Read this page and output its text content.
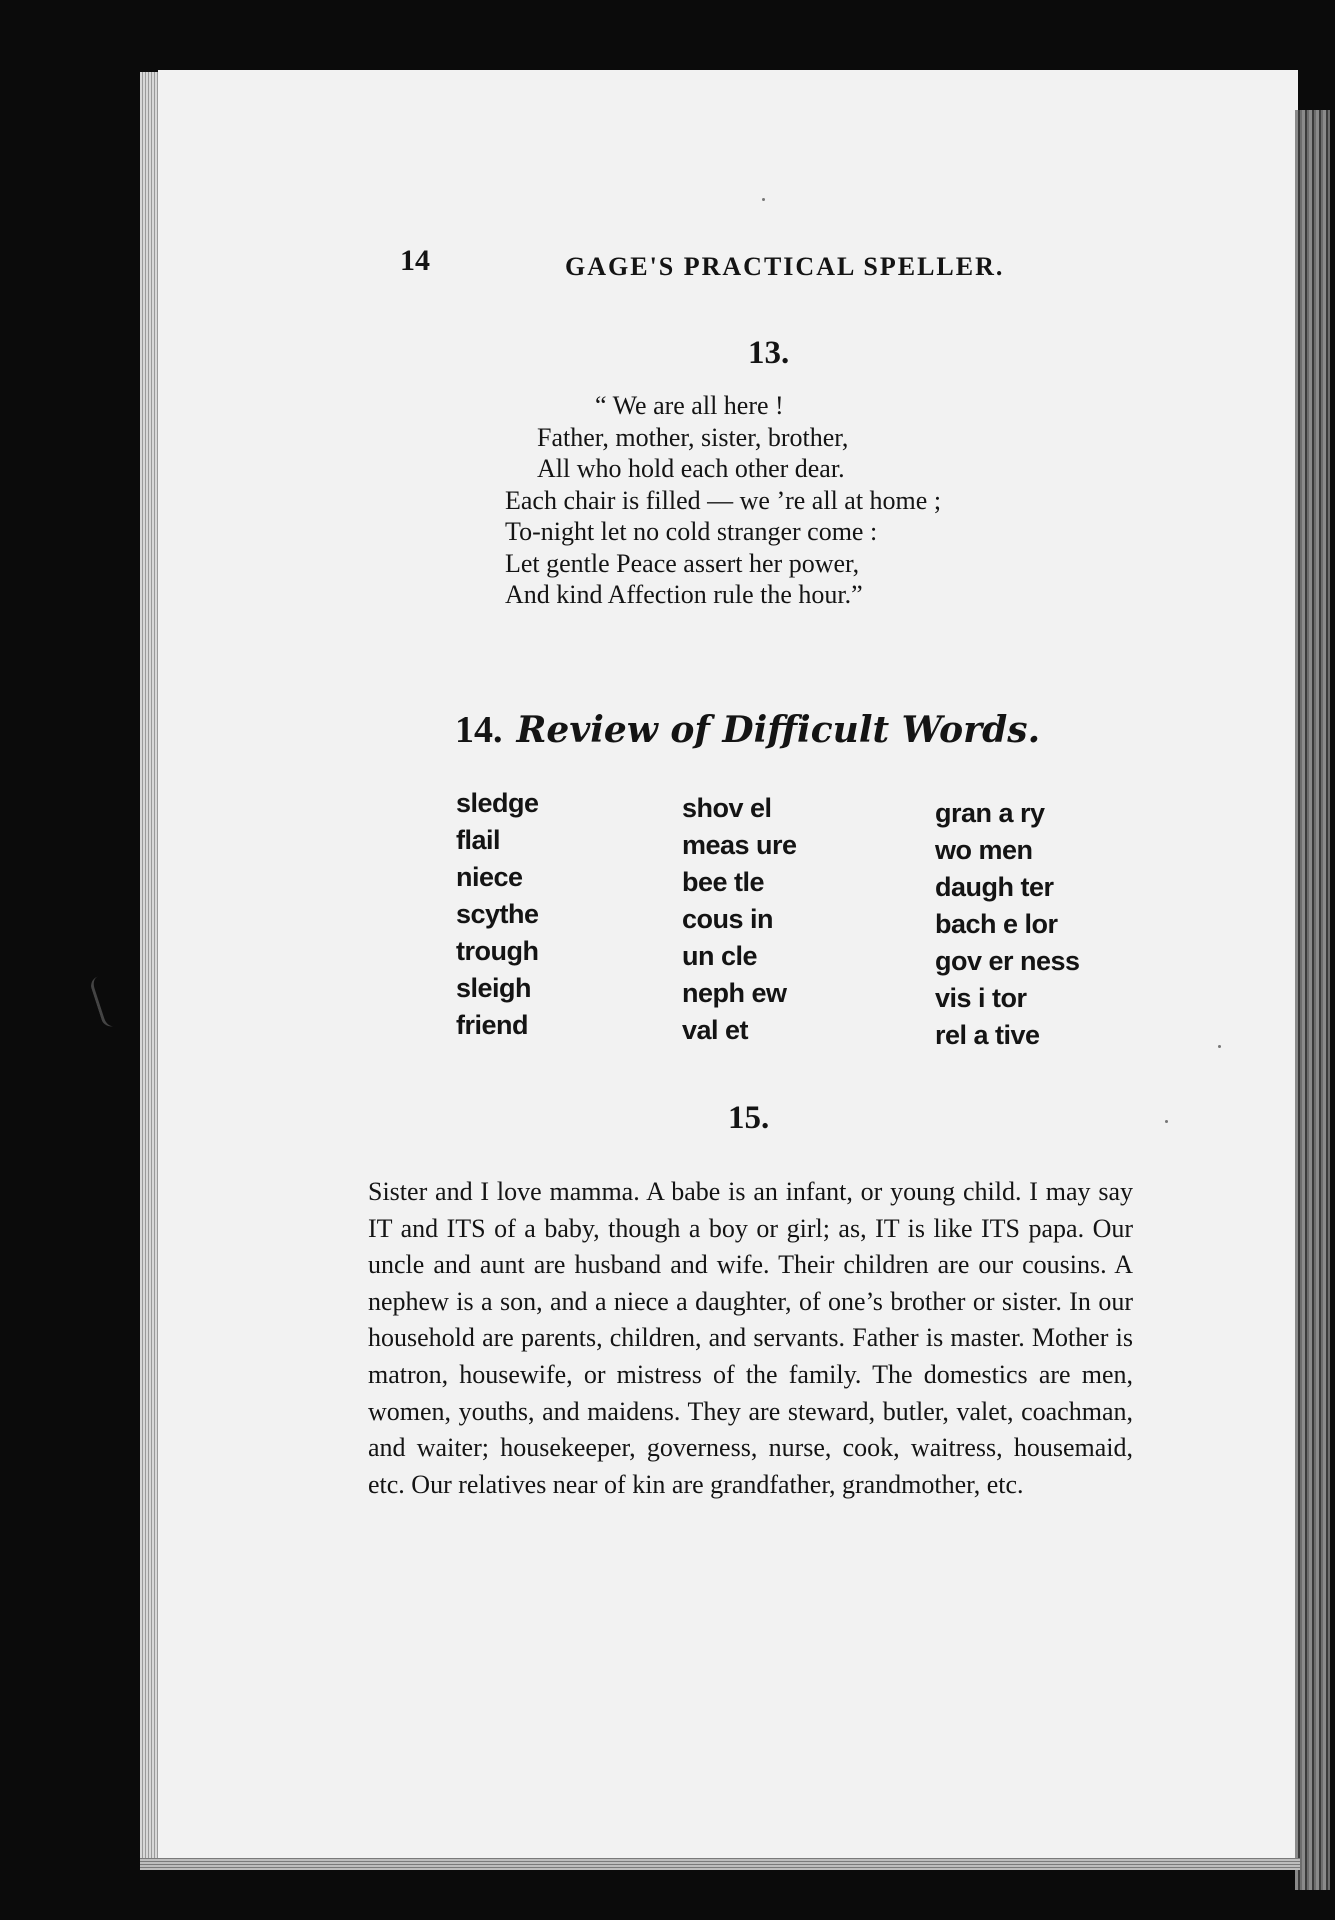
14	GAGE'S PRACTICAL SPELLER.

13.

“ We are all here !
Father, mother, sister, brother,
All who hold each other dear.
Each chair is filled — we ’re all at home ;
To-night let no cold stranger come :
Let gentle Peace assert her power,
And kind Affection rule the hour.”

14. Review of Difficult Words.

sledge
flail
niece
scythe
trough
sleigh
friend
shov el
meas ure
bee tle
cous in
un cle
neph ew
val et
gran a ry
wo men
daugh ter
bach e lor
gov er ness
vis i tor
rel a tive

15.

Sister and I love mamma. A babe is an infant, or young child. I may say IT and ITS of a baby, though a boy or girl; as, IT is like ITS papa. Our uncle and aunt are husband and wife. Their children are our cousins. A nephew is a son, and a niece a daughter, of one’s brother or sister. In our household are parents, children, and servants. Father is master. Mother is matron, housewife, or mistress of the family. The domestics are men, women, youths, and maidens. They are steward, butler, valet, coachman, and waiter; housekeeper, governess, nurse, cook, waitress, housemaid, etc. Our relatives near of kin are grandfather, grandmother, etc.
